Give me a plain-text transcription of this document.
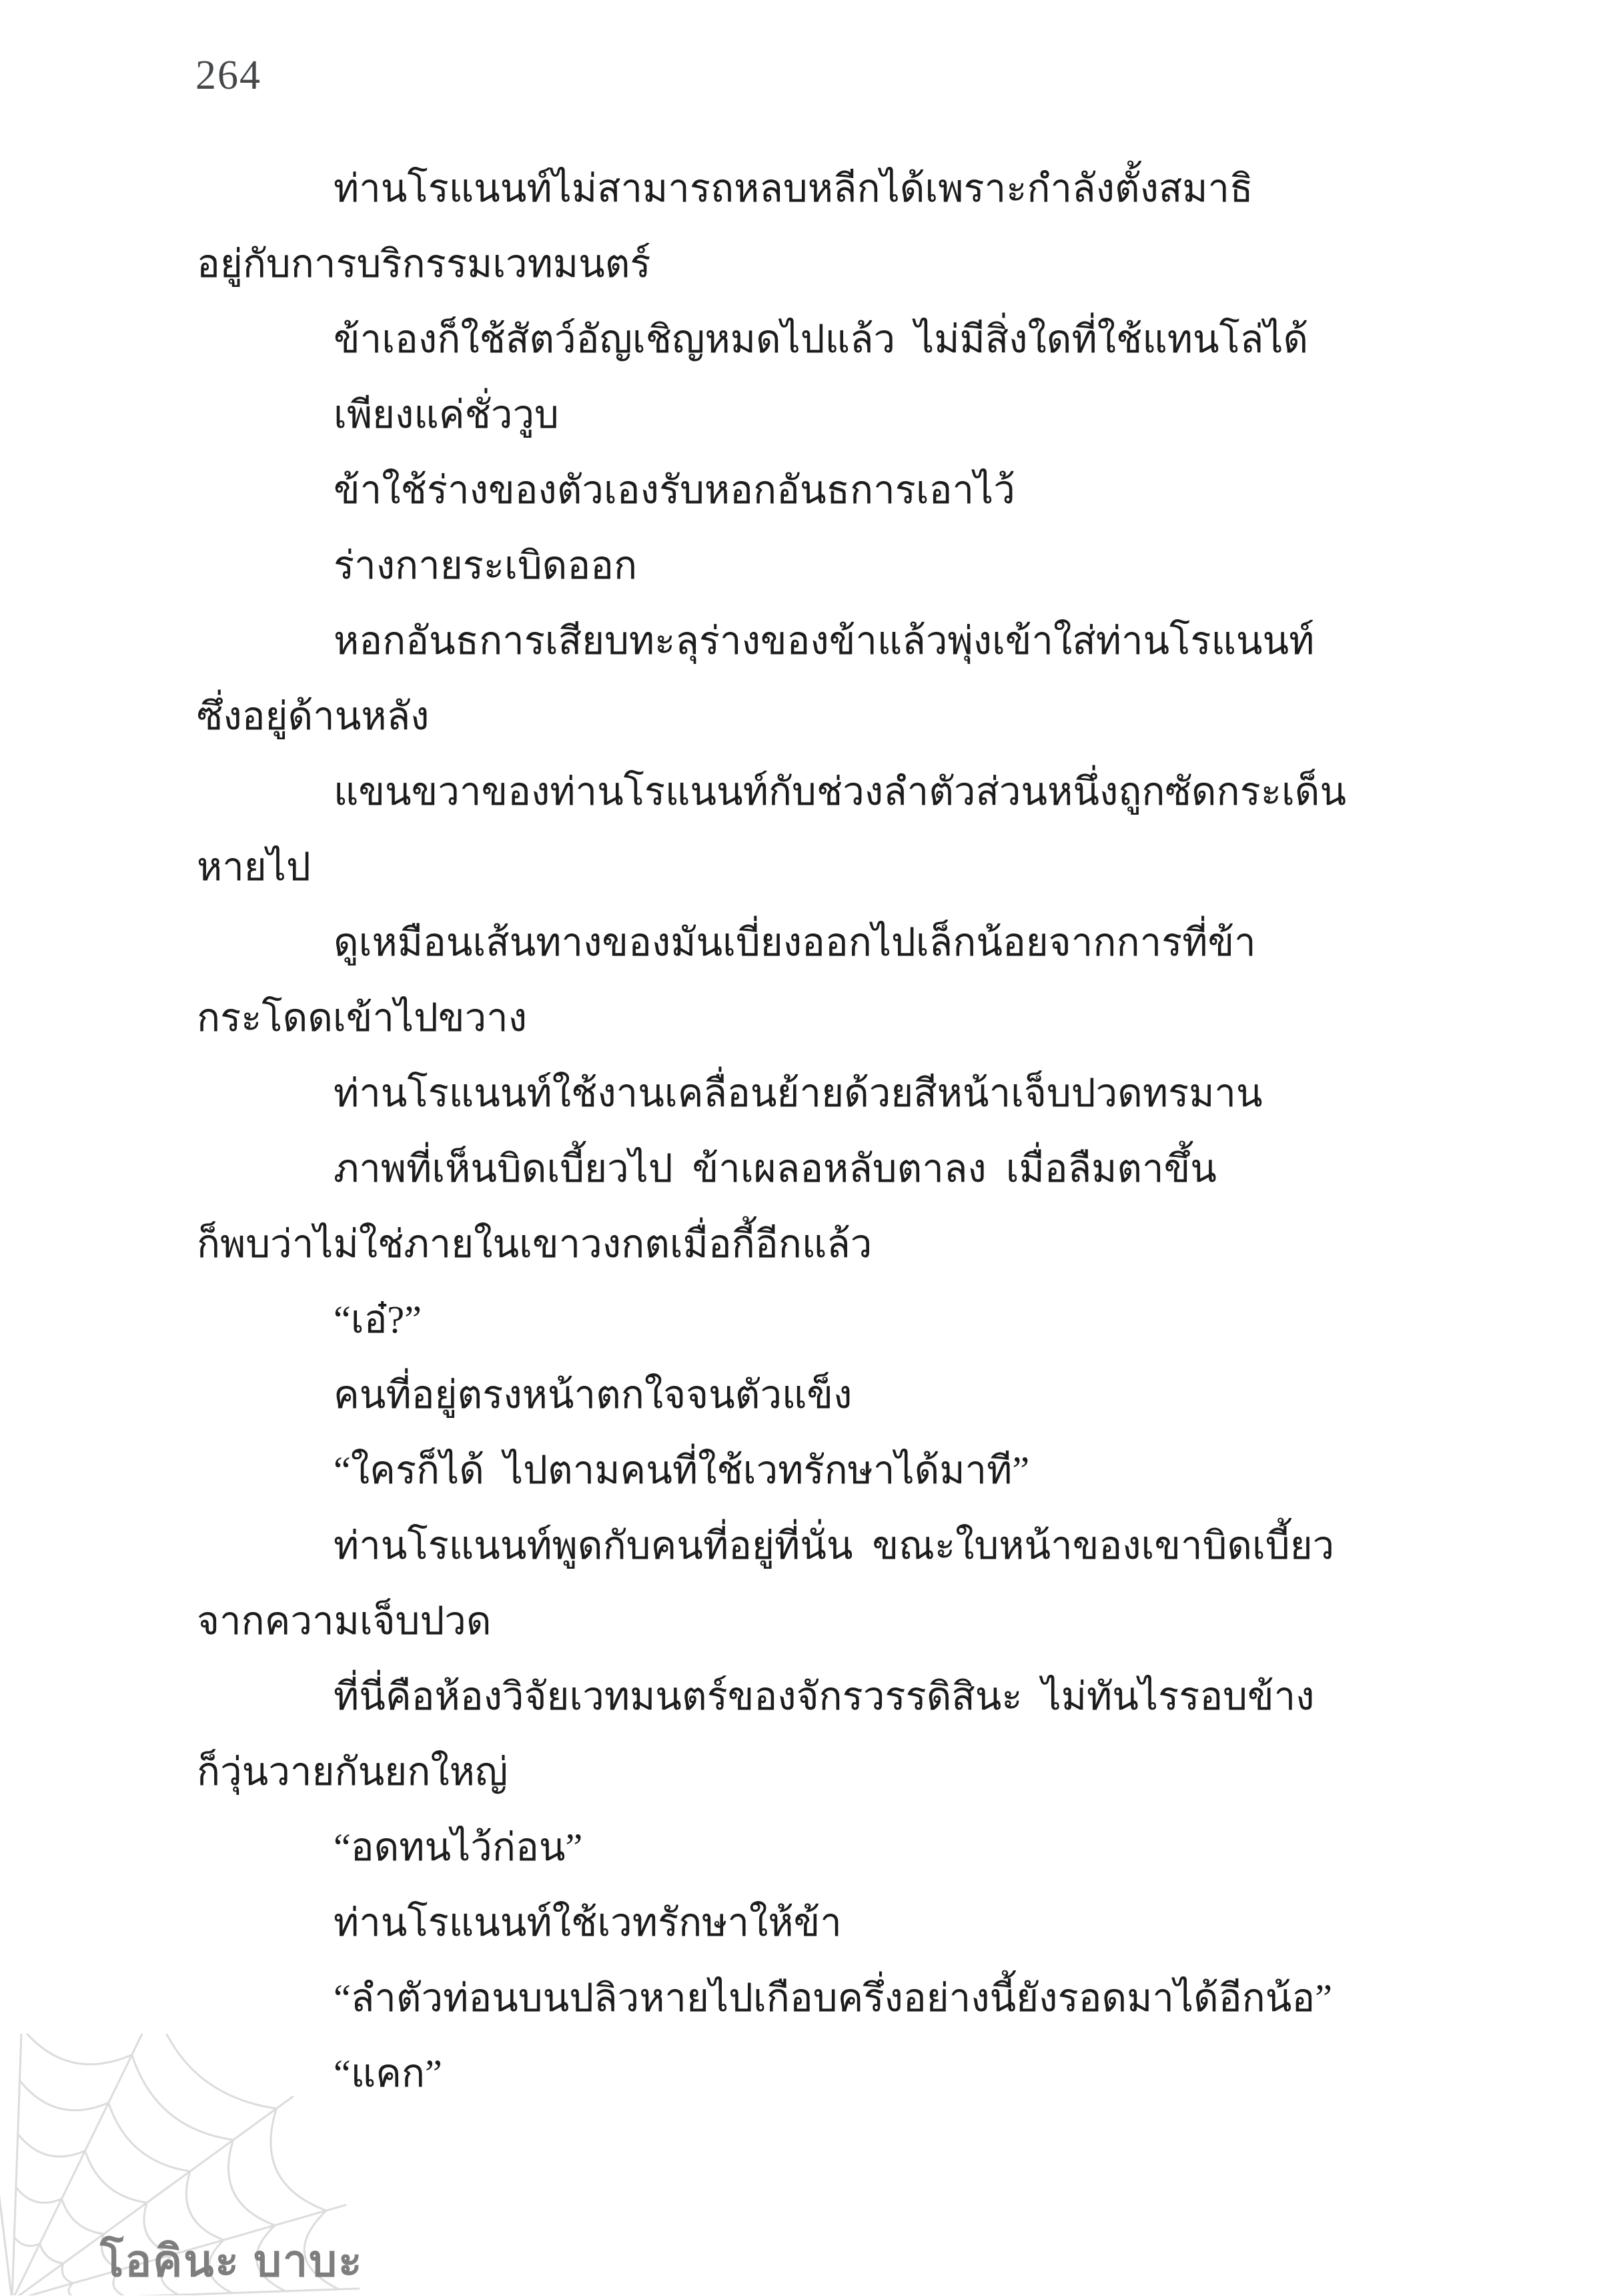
264
ท่านโรแนนท์ไม่สามารถหลบหลีกได้เพราะกำลังตั้งสมาธิ
อยู่กับการบริกรรมเวทมนตร์
ข้าเองก็ใช้สัตว์อัญเชิญหมดไปแล้ว  ไม่มีสิ่งใดที่ใช้แทนโล่ได้
เพียงแค่ชั่ววูบ
ข้าใช้ร่างของตัวเองรับหอกอันธการเอาไว้
ร่างกายระเบิดออก
หอกอันธการเสียบทะลุร่างของข้าแล้วพุ่งเข้าใส่ท่านโรแนนท์
ซึ่งอยู่ด้านหลัง
แขนขวาของท่านโรแนนท์กับช่วงลำตัวส่วนหนึ่งถูกซัดกระเด็น
หายไป
ดูเหมือนเส้นทางของมันเบี่ยงออกไปเล็กน้อยจากการที่ข้า
กระโดดเข้าไปขวาง
ท่านโรแนนท์ใช้งานเคลื่อนย้ายด้วยสีหน้าเจ็บปวดทรมาน
ภาพที่เห็นบิดเบี้ยวไป  ข้าเผลอหลับตาลง  เมื่อลืมตาขึ้น
ก็พบว่าไม่ใช่ภายในเขาวงกตเมื่อกี้อีกแล้ว
“เอ๋?”
คนที่อยู่ตรงหน้าตกใจจนตัวแข็ง
“ใครก็ได้  ไปตามคนที่ใช้เวทรักษาได้มาที”
ท่านโรแนนท์พูดกับคนที่อยู่ที่นั่น  ขณะใบหน้าของเขาบิดเบี้ยว
จากความเจ็บปวด
ที่นี่คือห้องวิจัยเวทมนตร์ของจักรวรรดิสินะ  ไม่ทันไรรอบข้าง
ก็วุ่นวายกันยกใหญ่
“อดทนไว้ก่อน”
ท่านโรแนนท์ใช้เวทรักษาให้ข้า
“ลำตัวท่อนบนปลิวหายไปเกือบครึ่งอย่างนี้ยังรอดมาได้อีกน้อ”
“แคก”
โอคินะ บาบะ
